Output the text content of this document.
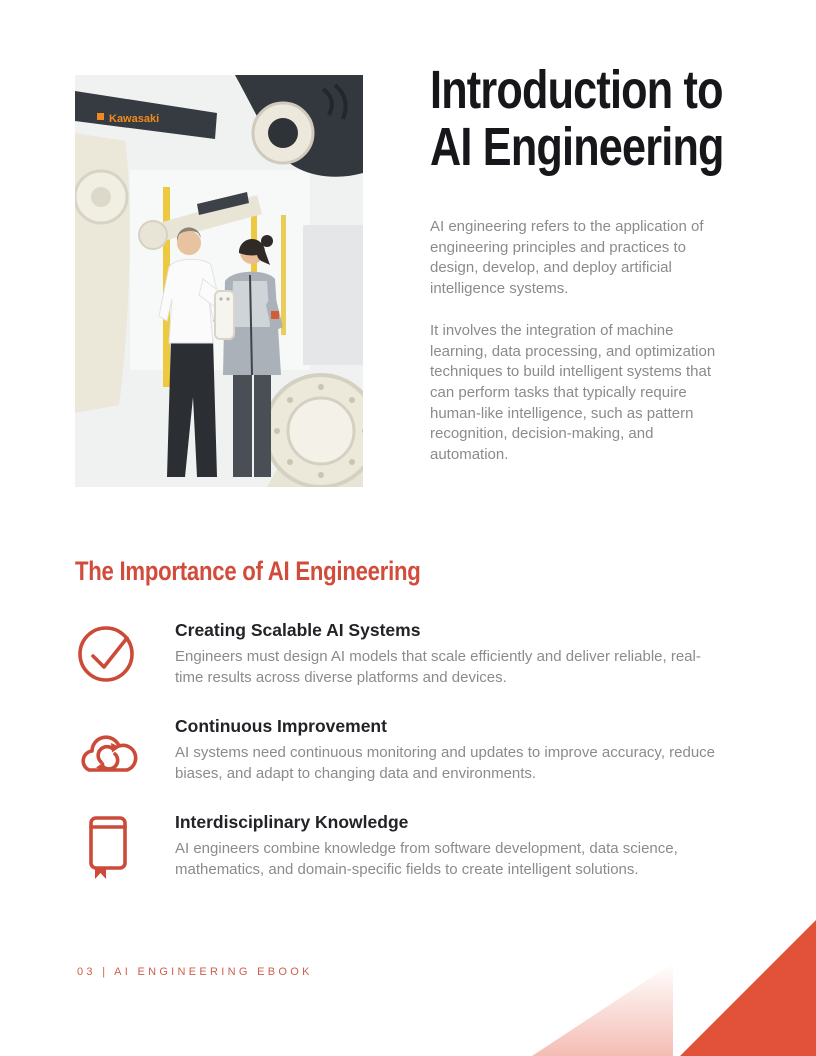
Kawasaki	Introduction to
AI Engineering

AI engineering refers to the application of engineering principles and practices to design, develop, and deploy artificial intelligence systems.

It involves the integration of machine learning, data processing, and optimization techniques to build intelligent systems that can perform tasks that typically require human-like intelligence, such as pattern recognition, decision-making, and automation.

The Importance of AI Engineering

Creating Scalable AI Systems

Engineers must design AI models that scale efficiently and deliver reliable, real-time results across diverse platforms and devices.

Continuous Improvement

AI systems need continuous monitoring and updates to improve accuracy, reduce biases, and adapt to changing data and environments.

Interdisciplinary Knowledge

AI engineers combine knowledge from software development, data science, mathematics, and domain-specific fields to create intelligent solutions.

03 | AI ENGINEERING EBOOK
